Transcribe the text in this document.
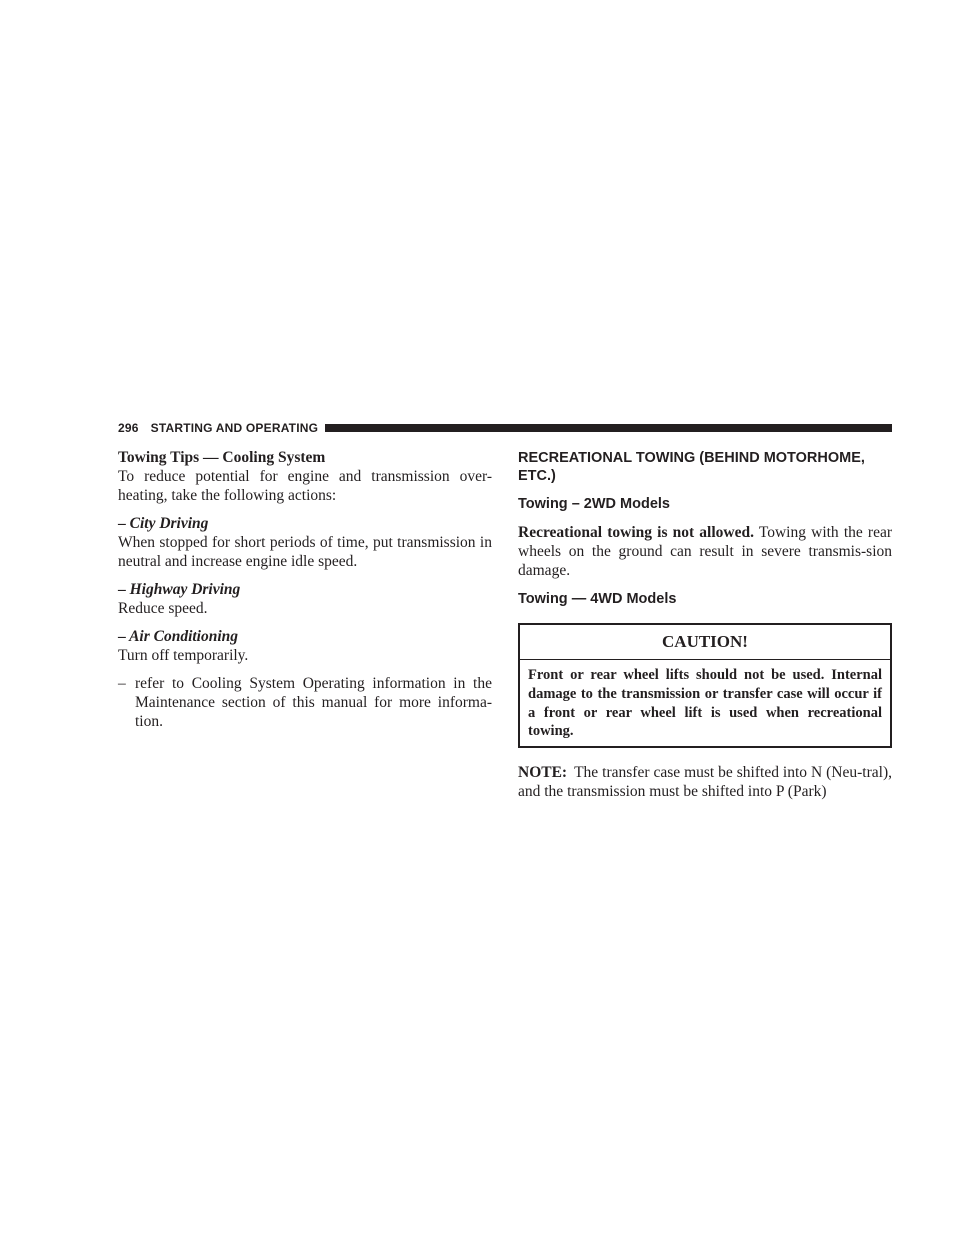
296 STARTING AND OPERATING

Towing Tips — Cooling System

To reduce potential for engine and transmission over-heating, take the following actions:

– City Driving

When stopped for short periods of time, put transmission in neutral and increase engine idle speed.

– Highway Driving

Reduce speed.

– Air Conditioning

Turn off temporarily.

– refer to Cooling System Operating information in the Maintenance section of this manual for more informa-tion.

RECREATIONAL TOWING (BEHIND MOTORHOME, ETC.)

Towing – 2WD Models

Recreational towing is not allowed. Towing with the rear wheels on the ground can result in severe transmis-sion damage.

Towing — 4WD Models

CAUTION!
Front or rear wheel lifts should not be used. Internal damage to the transmission or transfer case will occur if a front or rear wheel lift is used when recreational towing.

NOTE: The transfer case must be shifted into N (Neu-tral), and the transmission must be shifted into P (Park)
